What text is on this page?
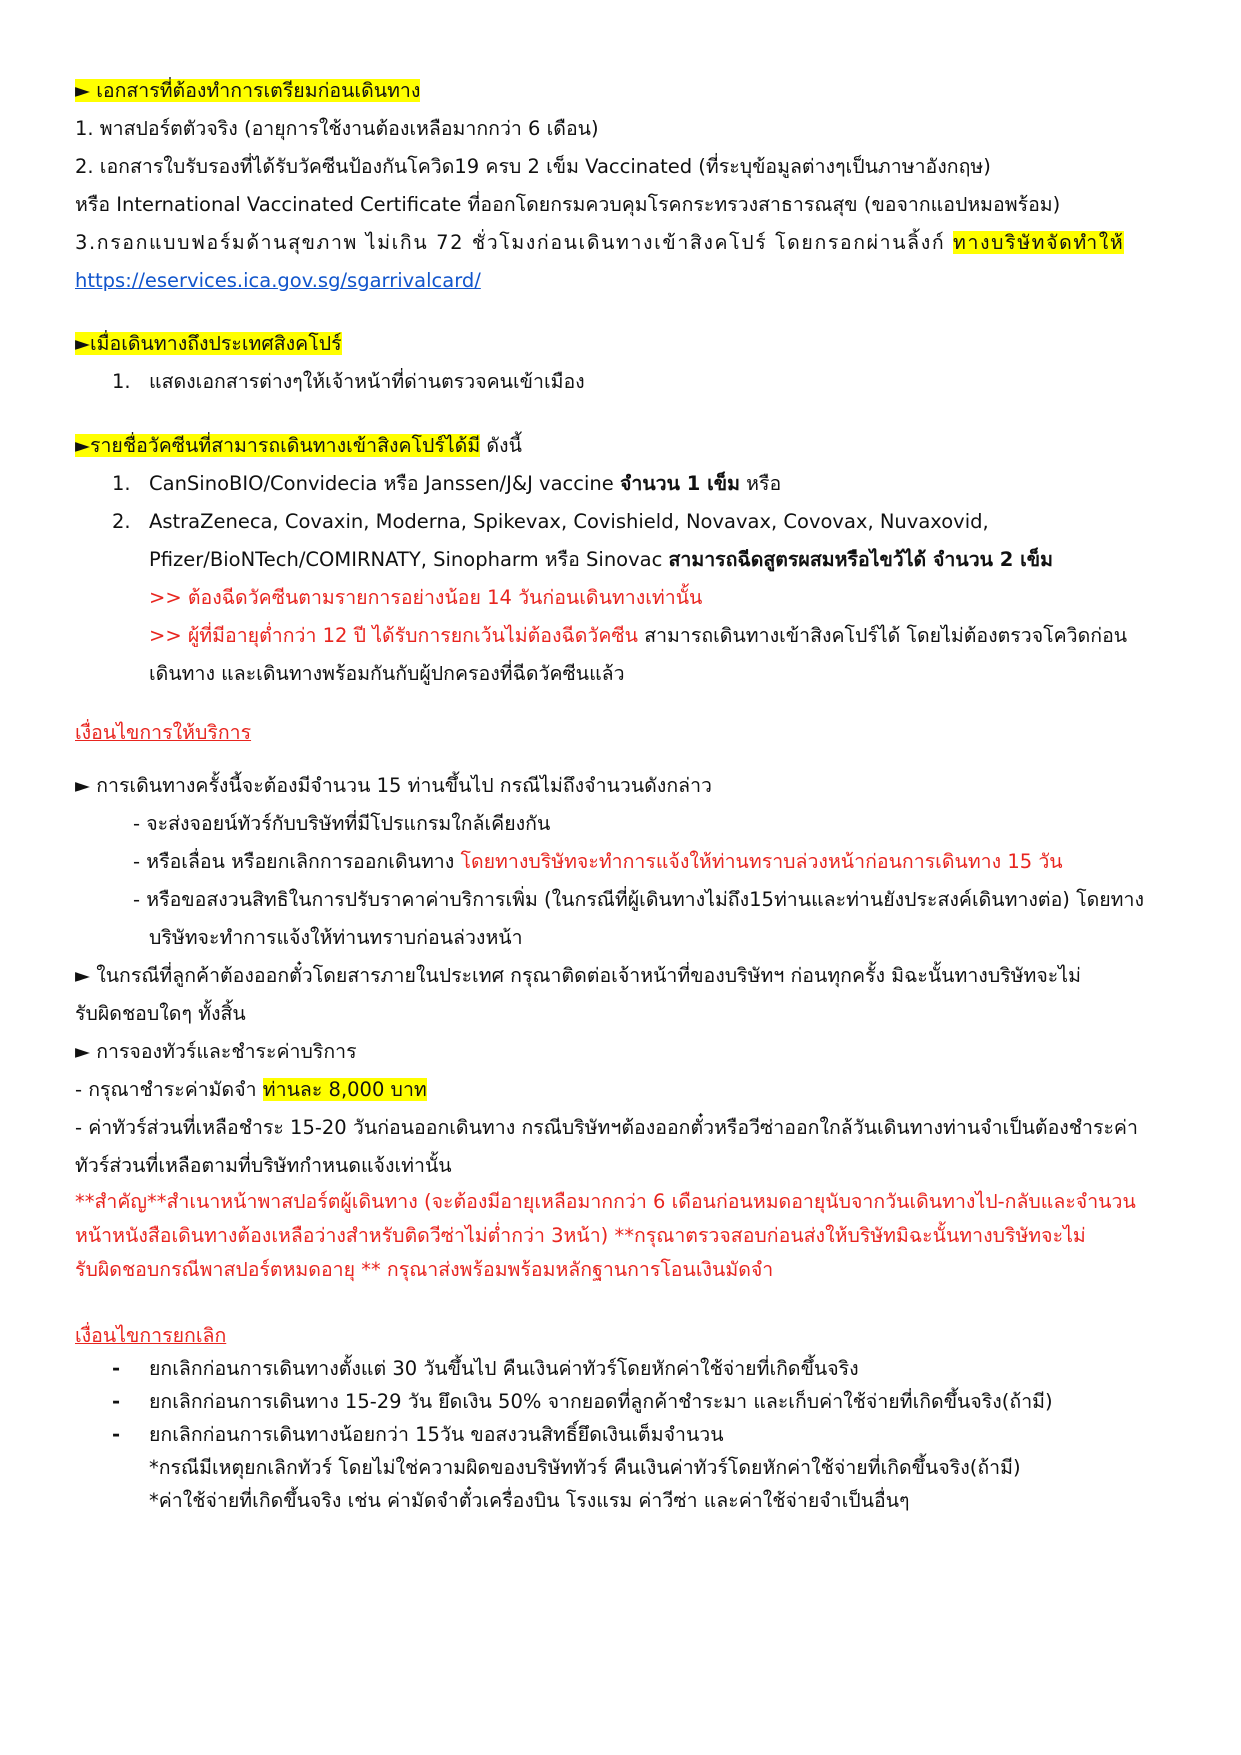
► เอกสารที่ต้องทำการเตรียมก่อนเดินทาง
1. พาสปอร์ตตัวจริง (อายุการใช้งานต้องเหลือมากกว่า 6 เดือน)
2. เอกสารใบรับรองที่ได้รับวัคซีนป้องกันโควิด19 ครบ 2 เข็ม Vaccinated (ที่ระบุข้อมูลต่างๆเป็นภาษาอังกฤษ)
หรือ International Vaccinated Certificate ที่ออกโดยกรมควบคุมโรคกระทรวงสาธารณสุข (ขอจากแอปหมอพร้อม)
3.กรอกแบบฟอร์มด้านสุขภาพ ไม่เกิน 72 ชั่วโมงก่อนเดินทางเข้าสิงคโปร์ โดยกรอกผ่านลิ้งก์ ทางบริษัทจัดทำให้
https://eservices.ica.gov.sg/sgarrivalcard/
►เมื่อเดินทางถึงประเทศสิงคโปร์
1. แสดงเอกสารต่างๆให้เจ้าหน้าที่ด่านตรวจคนเข้าเมือง
►รายชื่อวัคซีนที่สามารถเดินทางเข้าสิงคโปร์ได้มี ดังนี้
1. CanSinoBIO/Convidecia หรือ Janssen/J&J vaccine จำนวน 1 เข็ม หรือ
2. AstraZeneca, Covaxin, Moderna, Spikevax, Covishield, Novavax, Covovax, Nuvaxovid,
Pfizer/BioNTech/COMIRNATY, Sinopharm หรือ Sinovac สามารถฉีดสูตรผสมหรือไขว้ได้ จำนวน 2 เข็ม
>> ต้องฉีดวัคซีนตามรายการอย่างน้อย 14 วันก่อนเดินทางเท่านั้น
>> ผู้ที่มีอายุต่ำกว่า 12 ปี ได้รับการยกเว้นไม่ต้องฉีดวัคซีน สามารถเดินทางเข้าสิงคโปร์ได้ โดยไม่ต้องตรวจโควิดก่อน
เดินทาง และเดินทางพร้อมกันกับผู้ปกครองที่ฉีดวัคซีนแล้ว
เงื่อนไขการให้บริการ
► การเดินทางครั้งนี้จะต้องมีจำนวน 15 ท่านขึ้นไป กรณีไม่ถึงจำนวนดังกล่าว
- จะส่งจอยน์ทัวร์กับบริษัทที่มีโปรแกรมใกล้เคียงกัน
- หรือเลื่อน หรือยกเลิกการออกเดินทาง โดยทางบริษัทจะทำการแจ้งให้ท่านทราบล่วงหน้าก่อนการเดินทาง 15 วัน
- หรือขอสงวนสิทธิในการปรับราคาค่าบริการเพิ่ม (ในกรณีที่ผู้เดินทางไม่ถึง15ท่านและท่านยังประสงค์เดินทางต่อ) โดยทาง
บริษัทจะทำการแจ้งให้ท่านทราบก่อนล่วงหน้า
► ในกรณีที่ลูกค้าต้องออกตั๋วโดยสารภายในประเทศ กรุณาติดต่อเจ้าหน้าที่ของบริษัทฯ ก่อนทุกครั้ง มิฉะนั้นทางบริษัทจะไม่
รับผิดชอบใดๆ ทั้งสิ้น
► การจองทัวร์และชำระค่าบริการ
- กรุณาชำระค่ามัดจำ ท่านละ 8,000 บาท
- ค่าทัวร์ส่วนที่เหลือชำระ 15-20 วันก่อนออกเดินทาง กรณีบริษัทฯต้องออกตั๋วหรือวีซ่าออกใกล้วันเดินทางท่านจำเป็นต้องชำระค่า
ทัวร์ส่วนที่เหลือตามที่บริษัทกำหนดแจ้งเท่านั้น
**สำคัญ**สำเนาหน้าพาสปอร์ตผู้เดินทาง (จะต้องมีอายุเหลือมากกว่า 6 เดือนก่อนหมดอายุนับจากวันเดินทางไป-กลับและจำนวน
หน้าหนังสือเดินทางต้องเหลือว่างสำหรับติดวีซ่าไม่ต่ำกว่า 3หน้า) **กรุณาตรวจสอบก่อนส่งให้บริษัทมิฉะนั้นทางบริษัทจะไม่
รับผิดชอบกรณีพาสปอร์ตหมดอายุ ** กรุณาส่งพร้อมพร้อมหลักฐานการโอนเงินมัดจำ
เงื่อนไขการยกเลิก
- ยกเลิกก่อนการเดินทางตั้งแต่ 30 วันขึ้นไป คืนเงินค่าทัวร์โดยหักค่าใช้จ่ายที่เกิดขึ้นจริง
- ยกเลิกก่อนการเดินทาง 15-29 วัน ยึดเงิน 50% จากยอดที่ลูกค้าชำระมา และเก็บค่าใช้จ่ายที่เกิดขึ้นจริง(ถ้ามี)
- ยกเลิกก่อนการเดินทางน้อยกว่า 15วัน ขอสงวนสิทธิ์ยึดเงินเต็มจำนวน
*กรณีมีเหตุยกเลิกทัวร์ โดยไม่ใช่ความผิดของบริษัททัวร์ คืนเงินค่าทัวร์โดยหักค่าใช้จ่ายที่เกิดขึ้นจริง(ถ้ามี)
*ค่าใช้จ่ายที่เกิดขึ้นจริง เช่น ค่ามัดจำตั๋วเครื่องบิน โรงแรม ค่าวีซ่า และค่าใช้จ่ายจำเป็นอื่นๆ
